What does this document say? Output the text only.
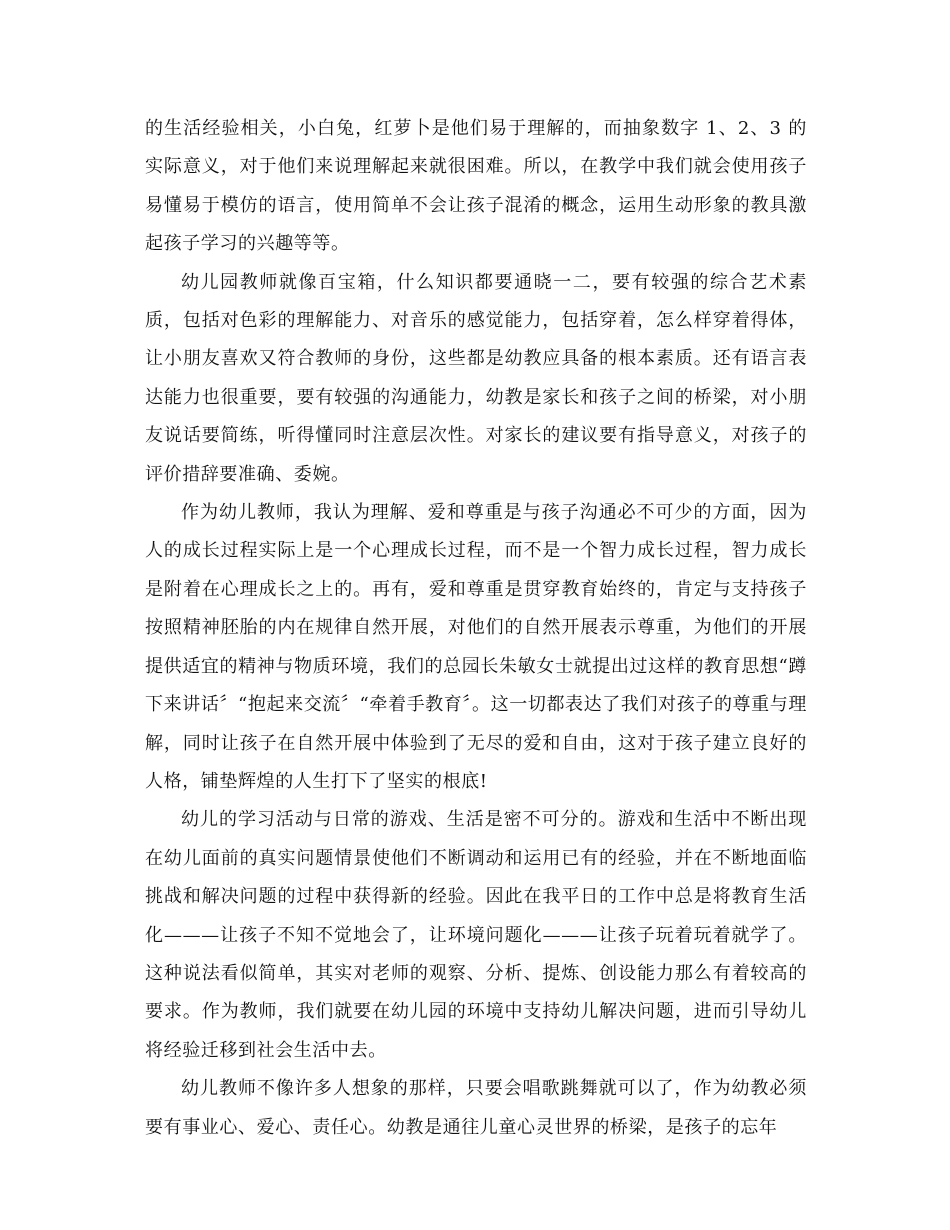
的生活经验相关，小白兔，红萝卜是他们易于理解的，而抽象数字 1、2、3 的实际意义，对于他们来说理解起来就很困难。所以，在教学中我们就会使用孩子易懂易于模仿的语言，使用简单不会让孩子混淆的概念，运用生动形象的教具激起孩子学习的兴趣等等。

幼儿园教师就像百宝箱，什么知识都要通晓一二，要有较强的综合艺术素质，包括对色彩的理解能力、对音乐的感觉能力，包括穿着，怎么样穿着得体，让小朋友喜欢又符合教师的身份，这些都是幼教应具备的根本素质。还有语言表达能力也很重要，要有较强的沟通能力，幼教是家长和孩子之间的桥梁，对小朋友说话要简练，听得懂同时注意层次性。对家长的建议要有指导意义，对孩子的评价措辞要准确、委婉。

作为幼儿教师，我认为理解、爱和尊重是与孩子沟通必不可少的方面，因为人的成长过程实际上是一个心理成长过程，而不是一个智力成长过程，智力成长是附着在心理成长之上的。再有，爱和尊重是贯穿教育始终的，肯定与支持孩子按照精神胚胎的内在规律自然开展，对他们的自然开展表示尊重，为他们的开展提供适宜的精神与物质环境，我们的总园长朱敏女士就提出过这样的教育思想“蹲下来讲话〞“抱起来交流〞“牵着手教育〞。这一切都表达了我们对孩子的尊重与理解，同时让孩子在自然开展中体验到了无尽的爱和自由，这对于孩子建立良好的人格，铺垫辉煌的人生打下了坚实的根底!

幼儿的学习活动与日常的游戏、生活是密不可分的。游戏和生活中不断出现在幼儿面前的真实问题情景使他们不断调动和运用已有的经验，并在不断地面临挑战和解决问题的过程中获得新的经验。因此在我平日的工作中总是将教育生活化———让孩子不知不觉地会了，让环境问题化———让孩子玩着玩着就学了。这种说法看似简单，其实对老师的观察、分析、提炼、创设能力那么有着较高的要求。作为教师，我们就要在幼儿园的环境中支持幼儿解决问题，进而引导幼儿将经验迁移到社会生活中去。

幼儿教师不像许多人想象的那样，只要会唱歌跳舞就可以了，作为幼教必须要有事业心、爱心、责任心。幼教是通往儿童心灵世界的桥梁，是孩子的忘年
